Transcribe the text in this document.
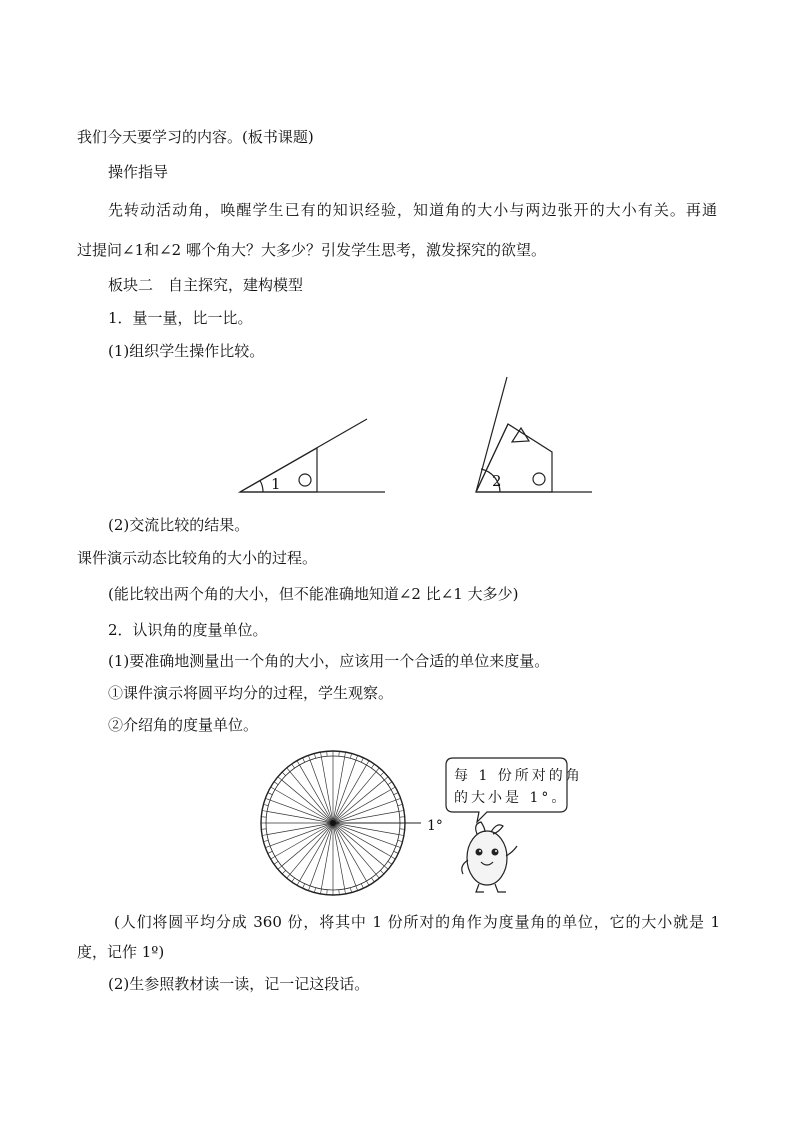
我们今天要学习的内容。(板书课题)
操作指导
先转动活动角，唤醒学生已有的知识经验，知道角的大小与两边张开的大小有关。再通
过提问∠1和∠2 哪个角大？大多少？引发学生思考，激发探究的欲望。
板块二　自主探究，建构模型
1．量一量，比一比。
(1)组织学生操作比较。
1	2
(2)交流比较的结果。
课件演示动态比较角的大小的过程。
(能比较出两个角的大小，但不能准确地知道∠2 比∠1 大多少)
2．认识角的度量单位。
(1)要准确地测量出一个角的大小，应该用一个合适的单位来度量。
①课件演示将圆平均分的过程，学生观察。
②介绍角的度量单位。
1°
每 1 份所对的角
的大小是 1°。
(人们将圆平均分成 360 份，将其中 1 份所对的角作为度量角的单位，它的大小就是 1
度，记作 1º)
(2)生参照教材读一读，记一记这段话。
